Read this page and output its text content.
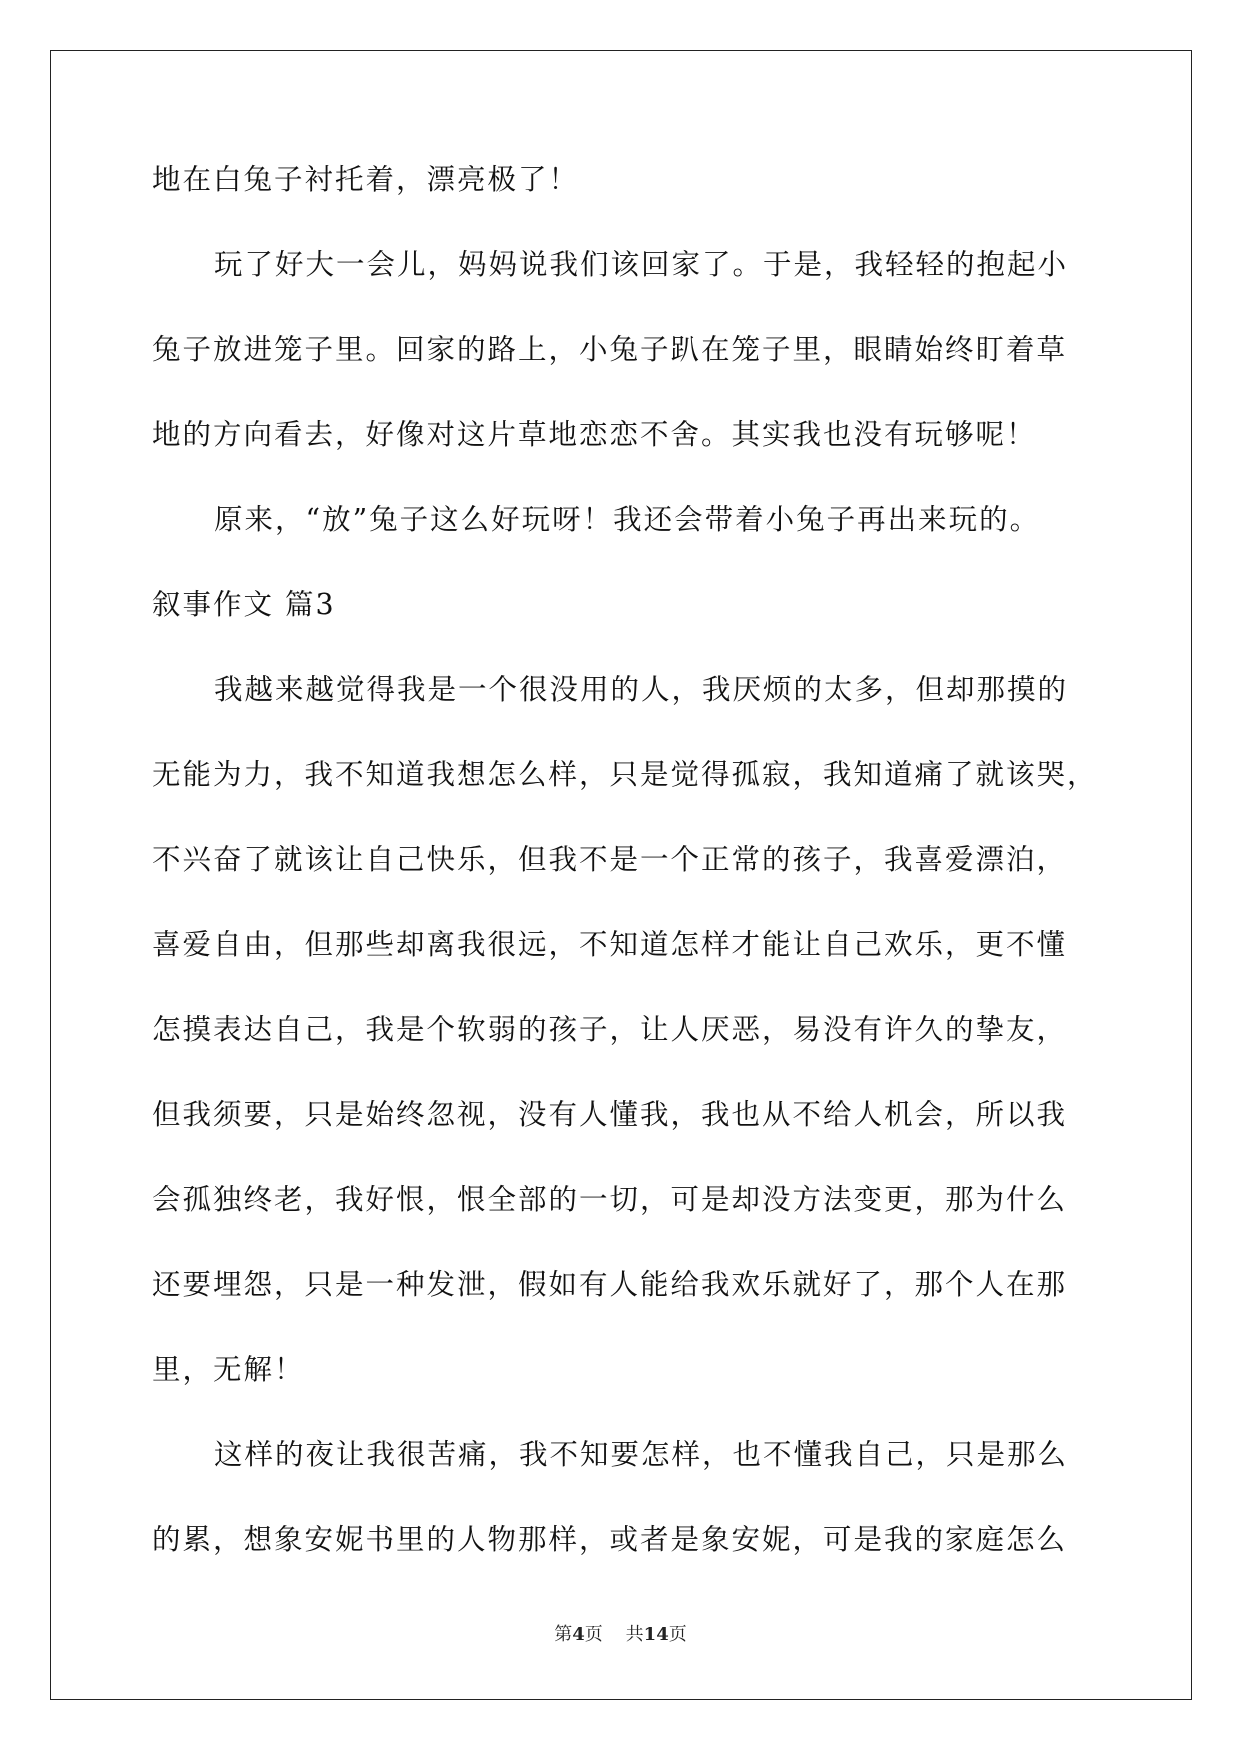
地在白兔子衬托着，漂亮极了！
玩了好大一会儿，妈妈说我们该回家了。于是，我轻轻的抱起小
兔子放进笼子里。回家的路上，小兔子趴在笼子里，眼睛始终盯着草
地的方向看去，好像对这片草地恋恋不舍。其实我也没有玩够呢！
原来，“放”兔子这么好玩呀！我还会带着小兔子再出来玩的。
叙事作文 篇3
我越来越觉得我是一个很没用的人，我厌烦的太多，但却那摸的
无能为力，我不知道我想怎么样，只是觉得孤寂，我知道痛了就该哭，
不兴奋了就该让自己快乐，但我不是一个正常的孩子，我喜爱漂泊，
喜爱自由，但那些却离我很远，不知道怎样才能让自己欢乐，更不懂
怎摸表达自己，我是个软弱的孩子，让人厌恶，易没有许久的挚友，
但我须要，只是始终忽视，没有人懂我，我也从不给人机会，所以我
会孤独终老，我好恨，恨全部的一切，可是却没方法变更，那为什么
还要埋怨，只是一种发泄，假如有人能给我欢乐就好了，那个人在那
里，无解！
这样的夜让我很苦痛，我不知要怎样，也不懂我自己，只是那么
的累，想象安妮书里的人物那样，或者是象安妮，可是我的家庭怎么
第4页 共14页
